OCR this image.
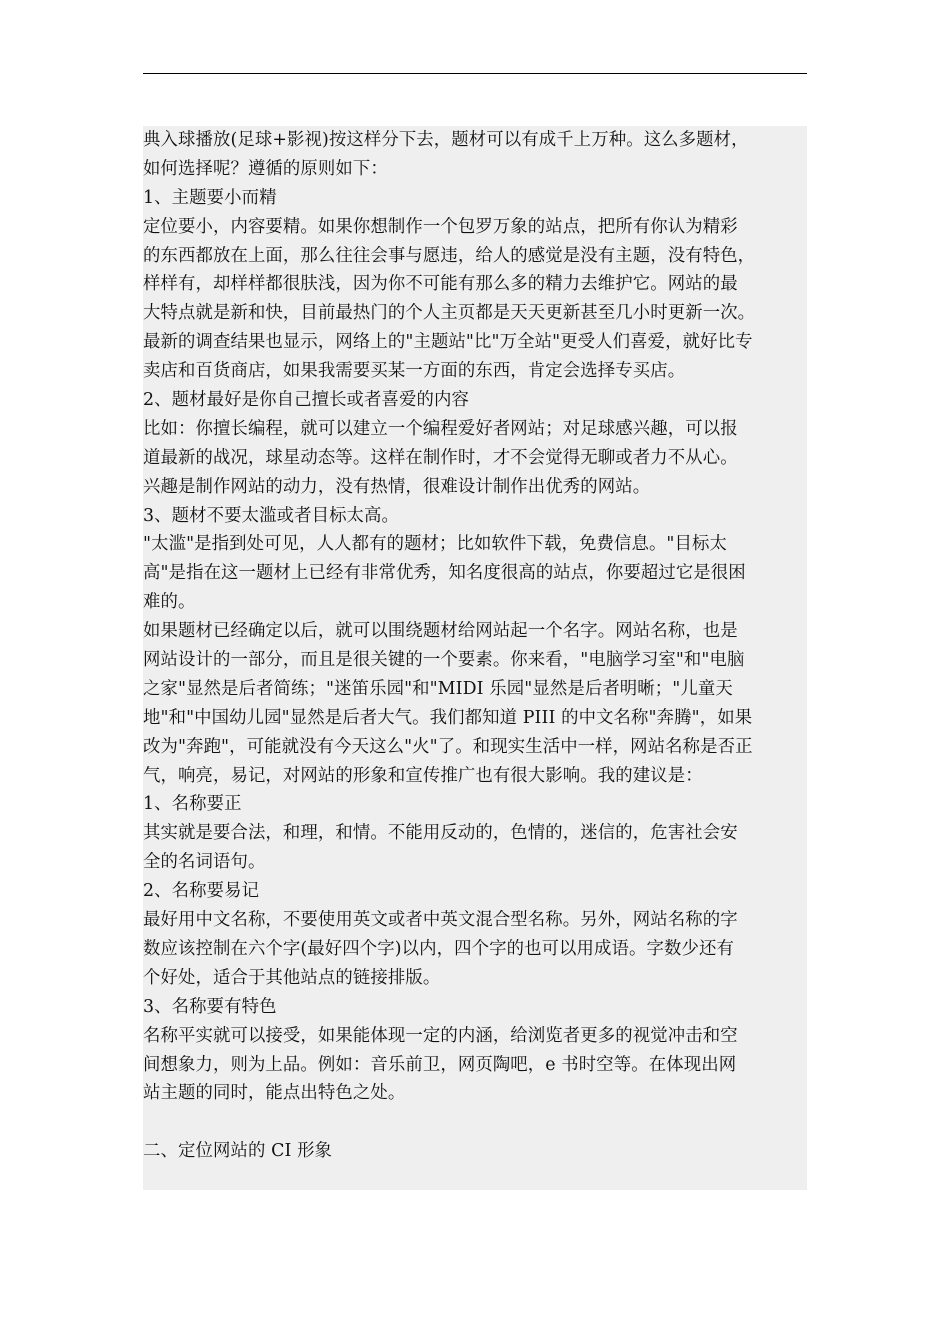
典入球播放(足球+影视)按这样分下去，题材可以有成千上万种。这么多题材，
如何选择呢？遵循的原则如下：
1、主题要小而精
定位要小，内容要精。如果你想制作一个包罗万象的站点，把所有你认为精彩
的东西都放在上面，那么往往会事与愿违，给人的感觉是没有主题，没有特色，
样样有，却样样都很肤浅，因为你不可能有那么多的精力去维护它。网站的最
大特点就是新和快，目前最热门的个人主页都是天天更新甚至几小时更新一次。
最新的调查结果也显示，网络上的"主题站"比"万全站"更受人们喜爱，就好比专
卖店和百货商店，如果我需要买某一方面的东西，肯定会选择专买店。
2、题材最好是你自己擅长或者喜爱的内容
比如：你擅长编程，就可以建立一个编程爱好者网站；对足球感兴趣，可以报
道最新的战况，球星动态等。这样在制作时，才不会觉得无聊或者力不从心。
兴趣是制作网站的动力，没有热情，很难设计制作出优秀的网站。
3、题材不要太滥或者目标太高。
"太滥"是指到处可见，人人都有的题材；比如软件下载，免费信息。"目标太
高"是指在这一题材上已经有非常优秀，知名度很高的站点，你要超过它是很困
难的。
如果题材已经确定以后，就可以围绕题材给网站起一个名字。网站名称，也是
网站设计的一部分，而且是很关键的一个要素。你来看，"电脑学习室"和"电脑
之家"显然是后者简练；"迷笛乐园"和"MIDI 乐园"显然是后者明晰；"儿童天
地"和"中国幼儿园"显然是后者大气。我们都知道 PIII 的中文名称"奔腾"，如果
改为"奔跑"，可能就没有今天这么"火"了。和现实生活中一样，网站名称是否正
气，响亮，易记，对网站的形象和宣传推广也有很大影响。我的建议是：
1、名称要正
其实就是要合法，和理，和情。不能用反动的，色情的，迷信的，危害社会安
全的名词语句。
2、名称要易记
最好用中文名称，不要使用英文或者中英文混合型名称。另外，网站名称的字
数应该控制在六个字(最好四个字)以内，四个字的也可以用成语。字数少还有
个好处，适合于其他站点的链接排版。
3、名称要有特色
名称平实就可以接受，如果能体现一定的内涵，给浏览者更多的视觉冲击和空
间想象力，则为上品。例如：音乐前卫，网页陶吧，e 书时空等。在体现出网
站主题的同时，能点出特色之处。
二、定位网站的 CI 形象
